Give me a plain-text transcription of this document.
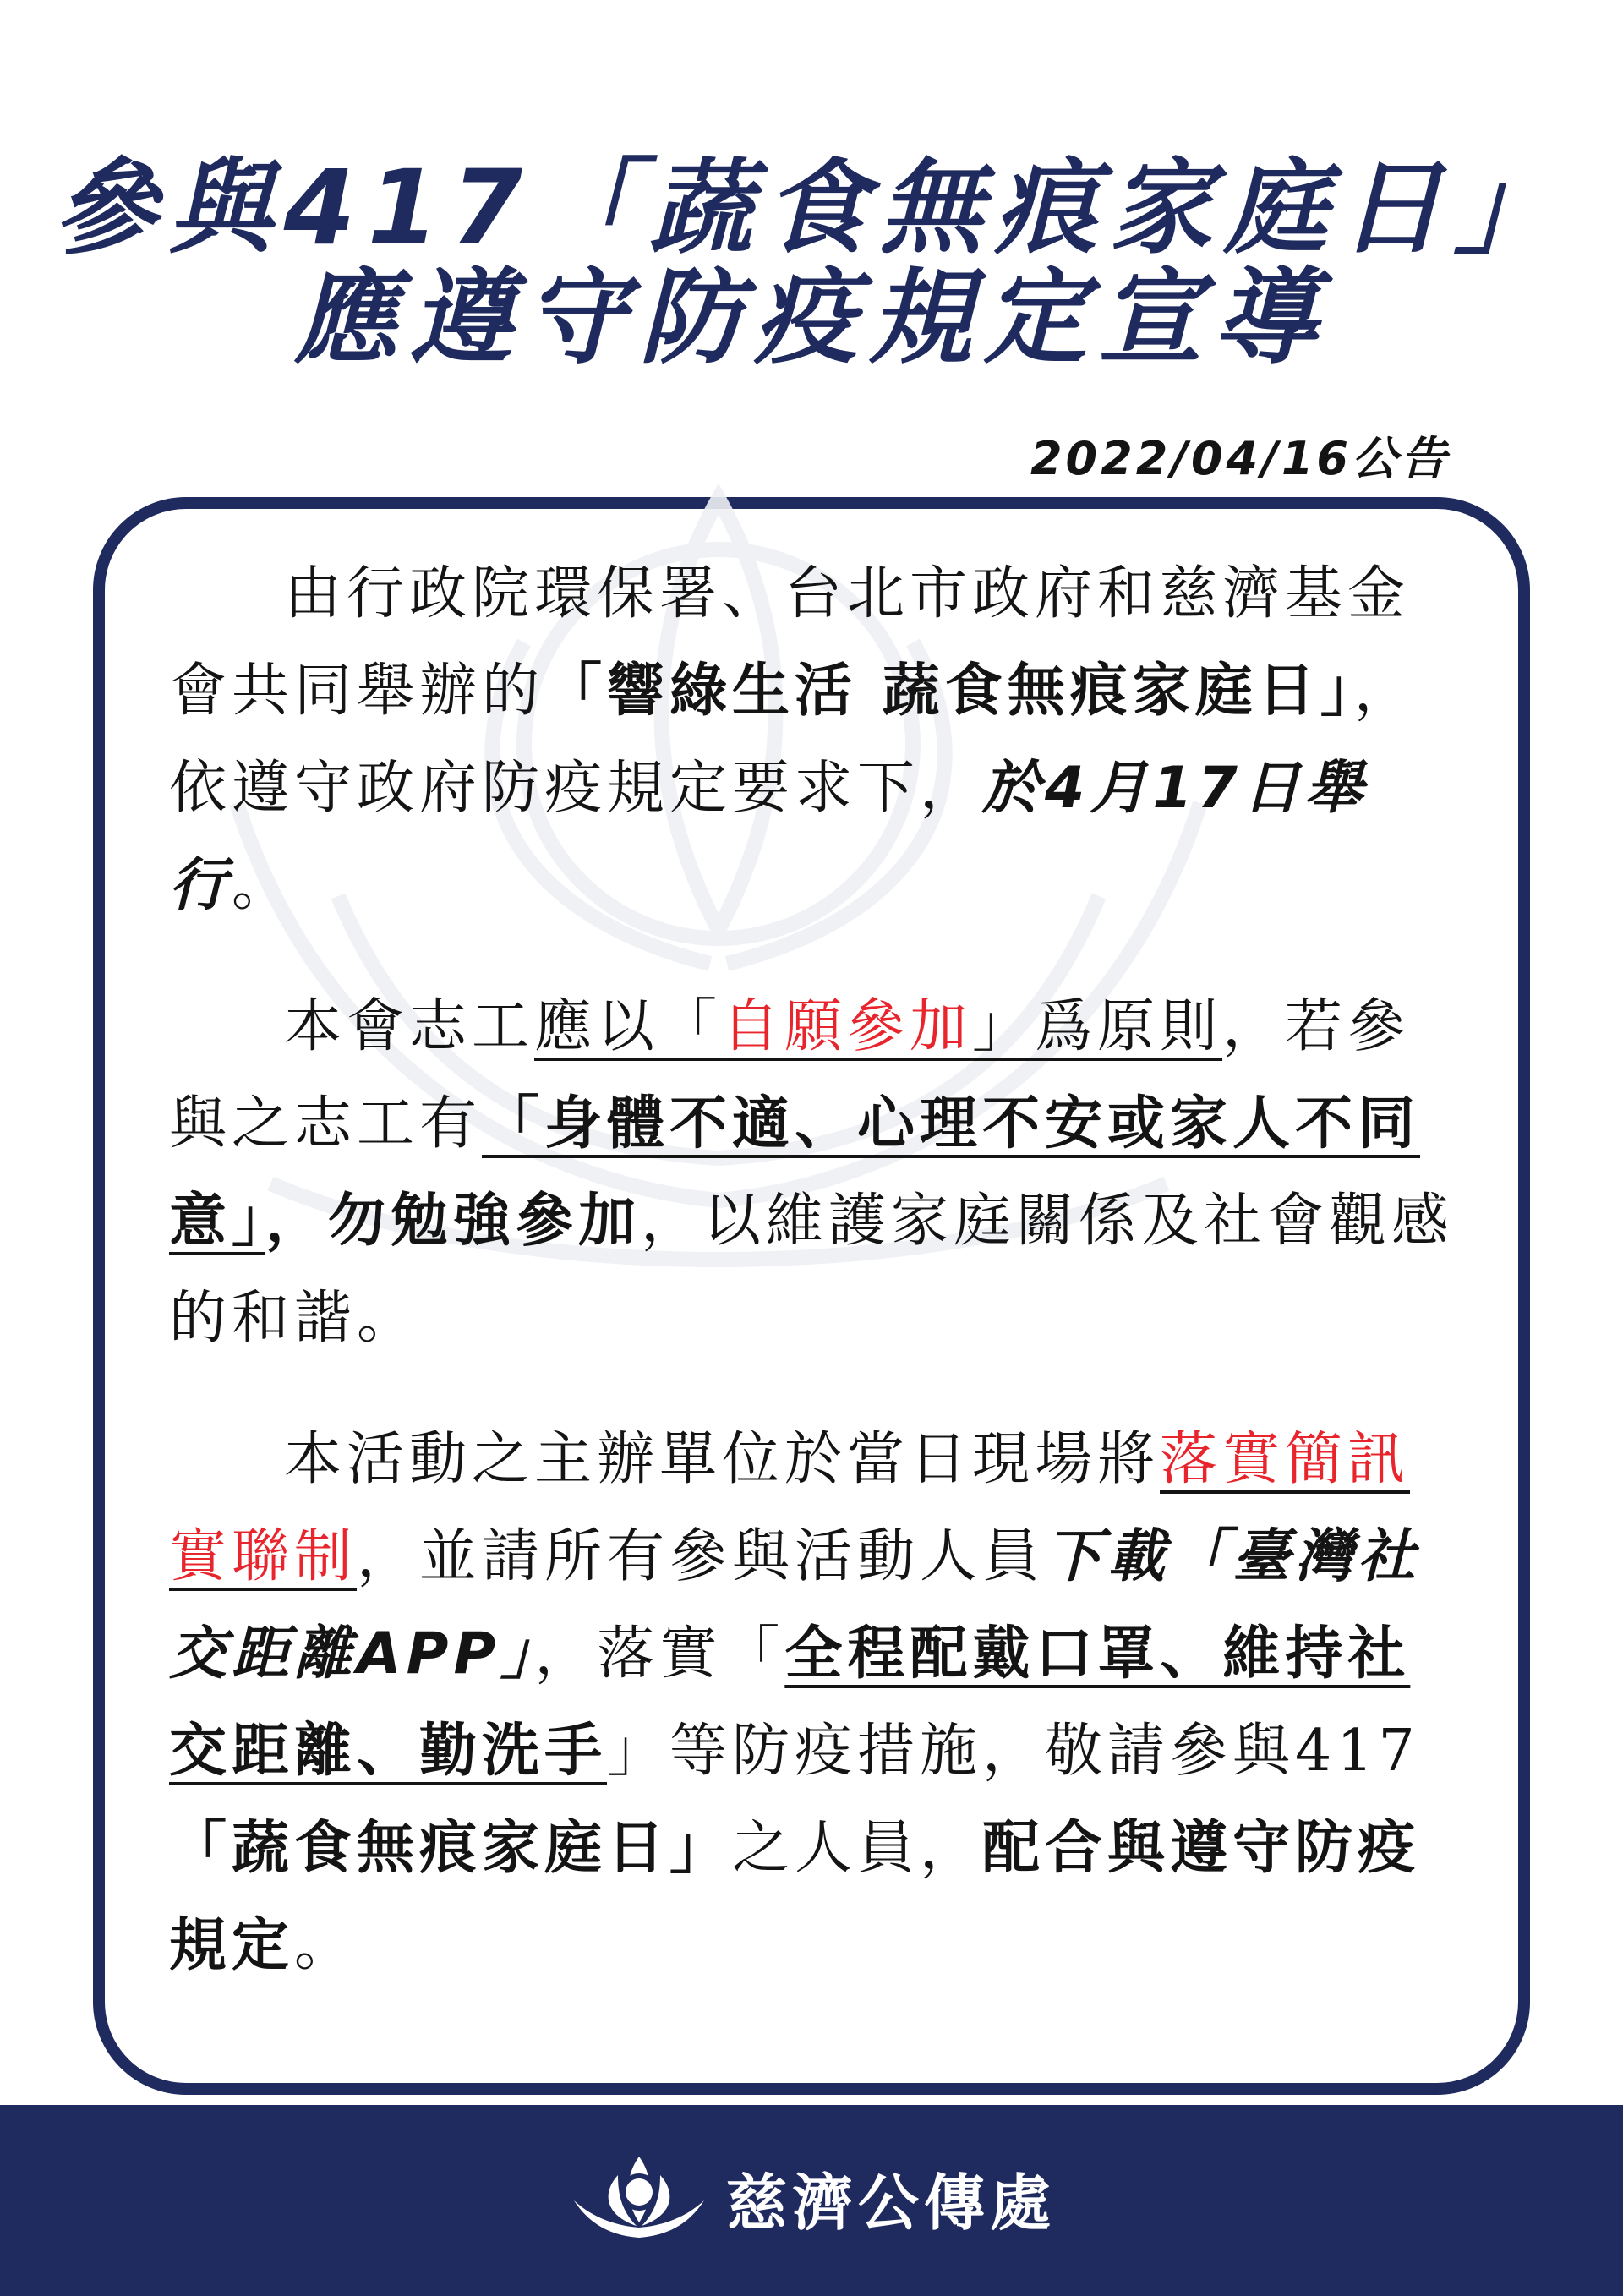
參與417「蔬食無痕家庭日」
應遵守防疫規定宣導
2022/04/16公告

由行政院環保署、台北市政府和慈濟基金會共同舉辦的「響綠生活 蔬食無痕家庭日」，依遵守政府防疫規定要求下，於4月17日舉行。

本會志工應以「自願參加」爲原則，若參與之志工有「身體不適、心理不安或家人不同意」，勿勉強參加，以維護家庭關係及社會觀感的和諧。

本活動之主辦單位於當日現場將落實簡訊實聯制，並請所有參與活動人員下載「臺灣社交距離APP」，落實「全程配戴口罩、維持社交距離、勤洗手」等防疫措施，敬請參與417「蔬食無痕家庭日」之人員，配合與遵守防疫規定。

慈濟公傳處
